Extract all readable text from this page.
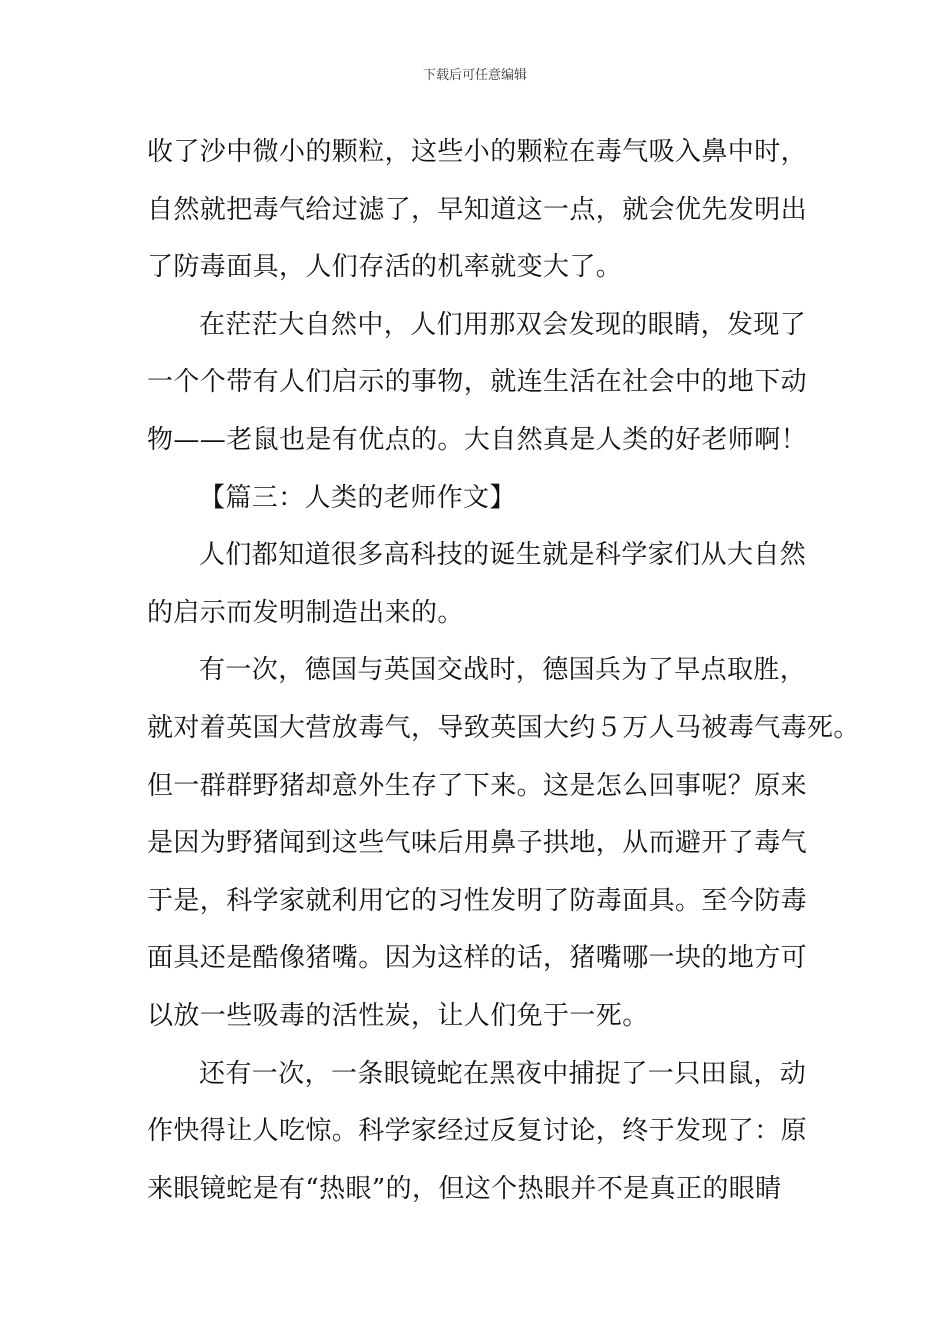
下载后可任意编辑
收了沙中微小的颗粒，这些小的颗粒在毒气吸入鼻中时，
自然就把毒气给过滤了，早知道这一点，就会优先发明出
了防毒面具，人们存活的机率就变大了。
在茫茫大自然中，人们用那双会发现的眼睛，发现了
一个个带有人们启示的事物，就连生活在社会中的地下动
物——老鼠也是有优点的。大自然真是人类的好老师啊！
【篇三：人类的老师作文】
人们都知道很多高科技的诞生就是科学家们从大自然
的启示而发明制造出来的。
有一次，德国与英国交战时，德国兵为了早点取胜，
就对着英国大营放毒气，导致英国大约５万人马被毒气毒死。
但一群群野猪却意外生存了下来。这是怎么回事呢？原来
是因为野猪闻到这些气味后用鼻子拱地，从而避开了毒气
于是，科学家就利用它的习性发明了防毒面具。至今防毒
面具还是酷像猪嘴。因为这样的话，猪嘴哪一块的地方可
以放一些吸毒的活性炭，让人们免于一死。
还有一次，一条眼镜蛇在黑夜中捕捉了一只田鼠，动
作快得让人吃惊。科学家经过反复讨论，终于发现了：原
来眼镜蛇是有“热眼”的，但这个热眼并不是真正的眼睛
